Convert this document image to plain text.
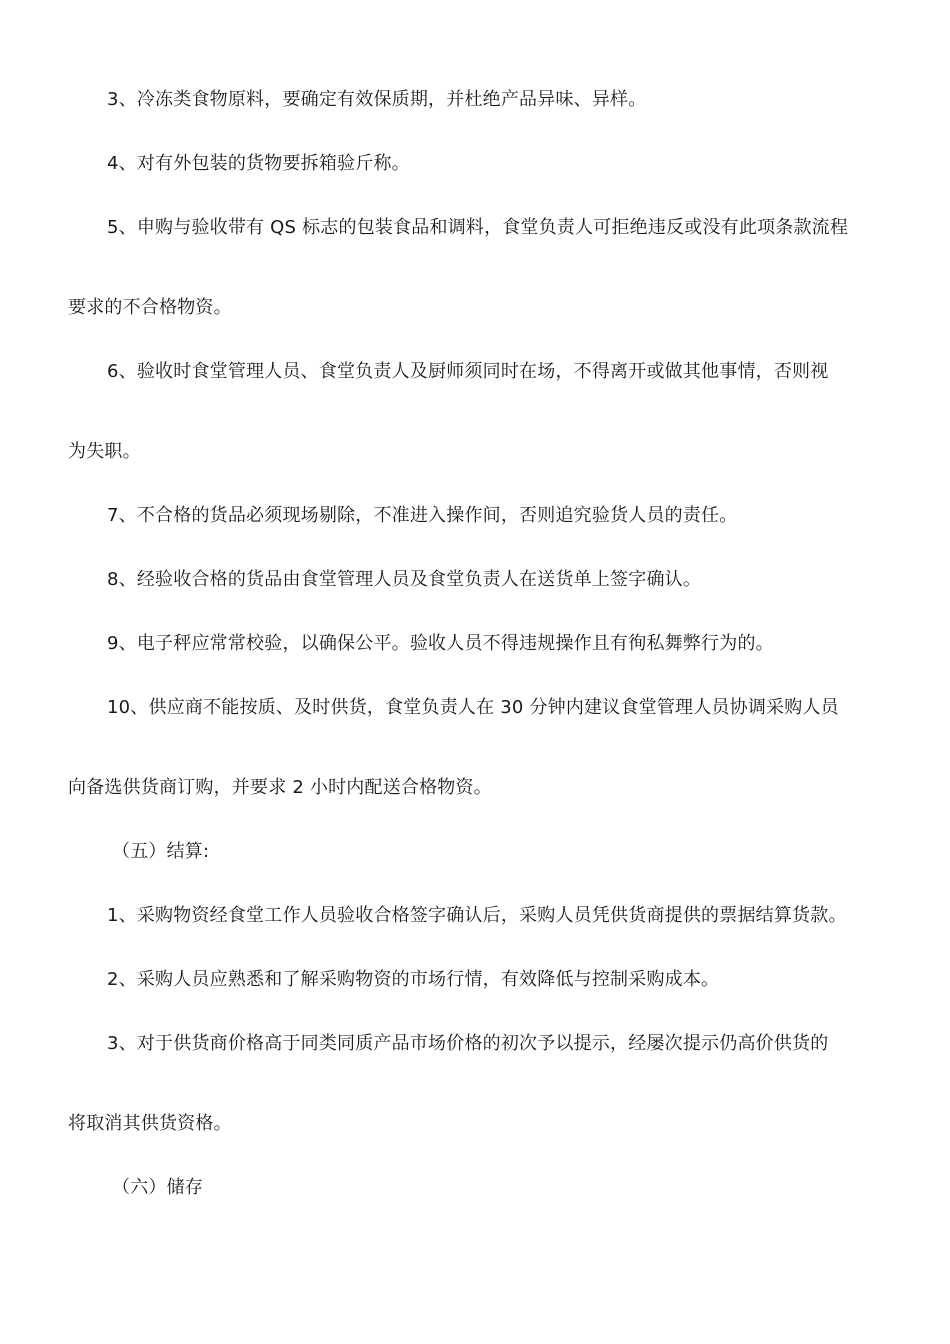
3、冷冻类食物原料，要确定有效保质期，并杜绝产品异味、异样。
4、对有外包装的货物要拆箱验斤称。
5、申购与验收带有 QS 标志的包装食品和调料，食堂负责人可拒绝违反或没有此项条款流程
要求的不合格物资。
6、验收时食堂管理人员、食堂负责人及厨师须同时在场，不得离开或做其他事情，否则视
为失职。
7、不合格的货品必须现场剔除，不准进入操作间，否则追究验货人员的责任。
8、经验收合格的货品由食堂管理人员及食堂负责人在送货单上签字确认。
9、电子秤应常常校验，以确保公平。验收人员不得违规操作且有徇私舞弊行为的。
10、供应商不能按质、及时供货，食堂负责人在 30 分钟内建议食堂管理人员协调采购人员
向备选供货商订购，并要求 2 小时内配送合格物资。
（五）结算:
1、采购物资经食堂工作人员验收合格签字确认后，采购人员凭供货商提供的票据结算货款。
2、采购人员应熟悉和了解采购物资的市场行情，有效降低与控制采购成本。
3、对于供货商价格高于同类同质产品市场价格的初次予以提示，经屡次提示仍高价供货的
将取消其供货资格。
（六）储存
